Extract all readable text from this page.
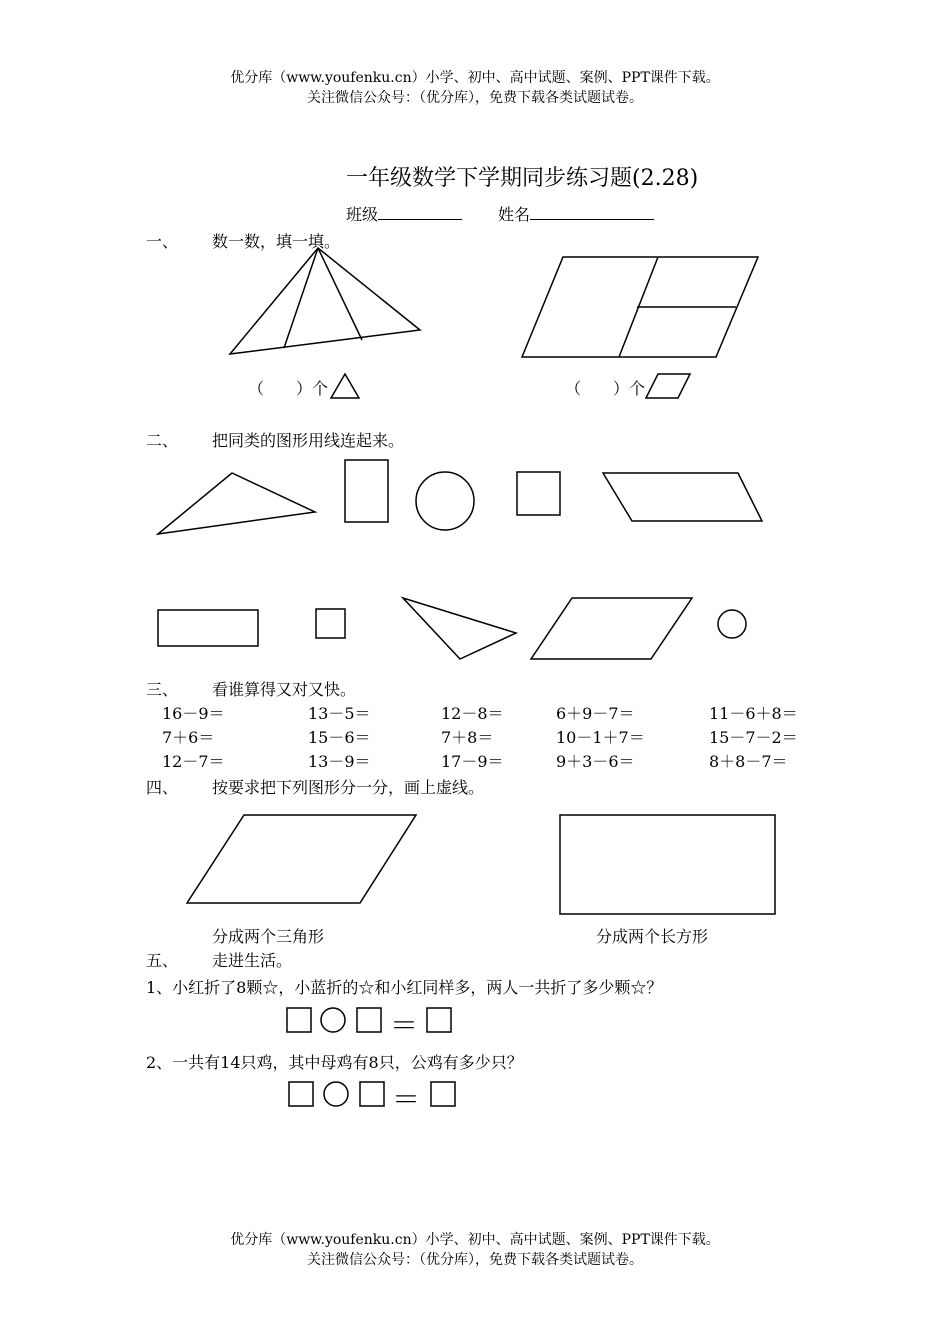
优分库（www.youfenku.cn）小学、初中、高中试题、案例、PPT课件下载。
关注微信公众号：（优分库），免费下载各类试题试卷。
一年级数学下学期同步练习题(2.28)
班级	姓名
一、 数一数，填一填。
二、 把同类的图形用线连起来。
三、 看谁算得又对又快。
16－9＝	13－5＝	12－8＝	6＋9－7＝	11－6＋8＝
7＋6＝	15－6＝	7＋8＝	10－1＋7＝	15－7－2＝
12－7＝	13－9＝	17－9＝	9＋3－6＝	8＋8－7＝
四、 按要求把下列图形分一分，画上虚线。
分成两个三角形	分成两个长方形
五、 走进生活。
1、小红折了8颗☆，小蓝折的☆和小红同样多，两人一共折了多少颗☆？
2、一共有14只鸡，其中母鸡有8只，公鸡有多少只？
（　　）个	（　　）个
＝
＝
优分库（www.youfenku.cn）小学、初中、高中试题、案例、PPT课件下载。
关注微信公众号：（优分库），免费下载各类试题试卷。
